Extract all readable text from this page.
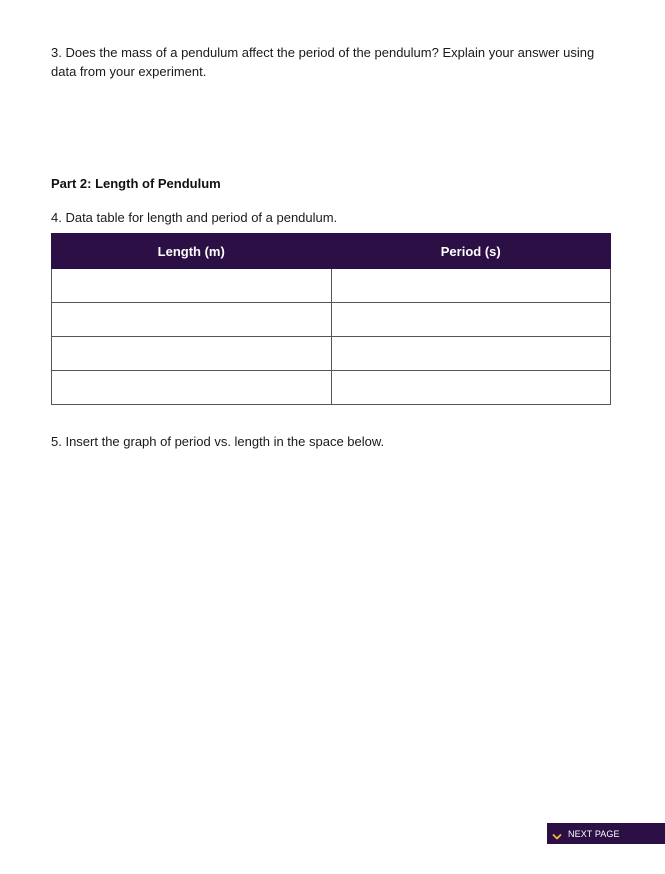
3. Does the mass of a pendulum affect the period of the pendulum? Explain your answer using data from your experiment.

Part 2: Length of Pendulum

4. Data table for length and period of a pendulum.

Length (m)	Period (s)

5. Insert the graph of period vs. length in the space below.

NEXT PAGE
